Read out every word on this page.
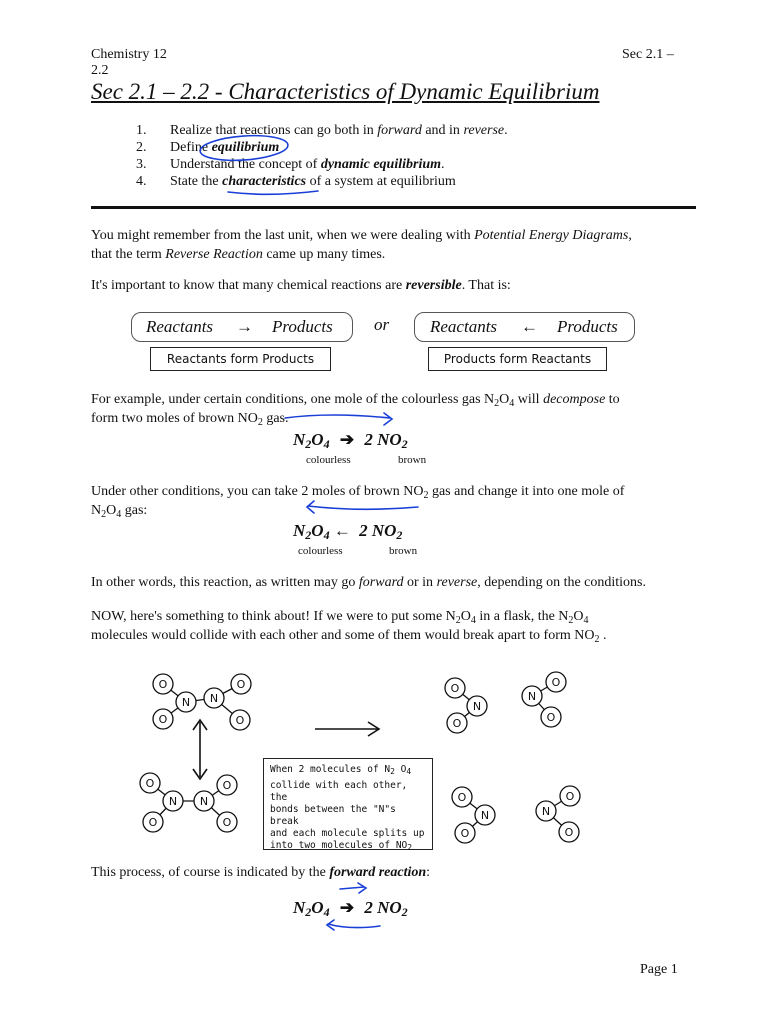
Chemistry 12	Sec 2.1 –
2.2
Sec 2.1 – 2.2 - Characteristics of Dynamic Equilibrium
1.	Realize that reactions can go both in forward and in reverse.
2.	Define equilibrium
3.	Understand the concept of dynamic equilibrium.
4.	State the characteristics of a system at equilibrium
You might remember from the last unit, when we were dealing with Potential Energy Diagrams,
that the term Reverse Reaction came up many times.
It's important to know that many chemical reactions are reversible. That is:
Reactants → Products or Reactants ← Products
Reactants form Products	Products form Reactants
For example, under certain conditions, one mole of the colourless gas $N_2O_4$ will decompose to
form two moles of brown $NO_2$ gas.
$N_2O_4$ ➔ 2 $NO_2$
colourless	brown
Under other conditions, you can take 2 moles of brown $NO_2$ gas and change it into one mole of
$N_2O_4$ gas:
$N_2O_4$ ← 2 $NO_2$
colourless	brown
In other words, this reaction, as written may go forward or in reverse, depending on the conditions.
NOW, here's something to think about! If we were to put some $N_2O_4$ in a flask, the $N_2O_4$
molecules would collide with each other and some of them would break apart to form $NO_2$ .
O
O
O
O
N N
O
O
O
O
N N
O
O
N
O
O
N
O
O
N
O
O
N
When 2 molecules of $N_2$ $O_4$
collide with each other, the
bonds between the "N"s break
and each molecule splits up
into two molecules of $NO_2$
This process, of course is indicated by the forward reaction:
$N_2O_4$ ➔ 2 $NO_2$
Page 1
